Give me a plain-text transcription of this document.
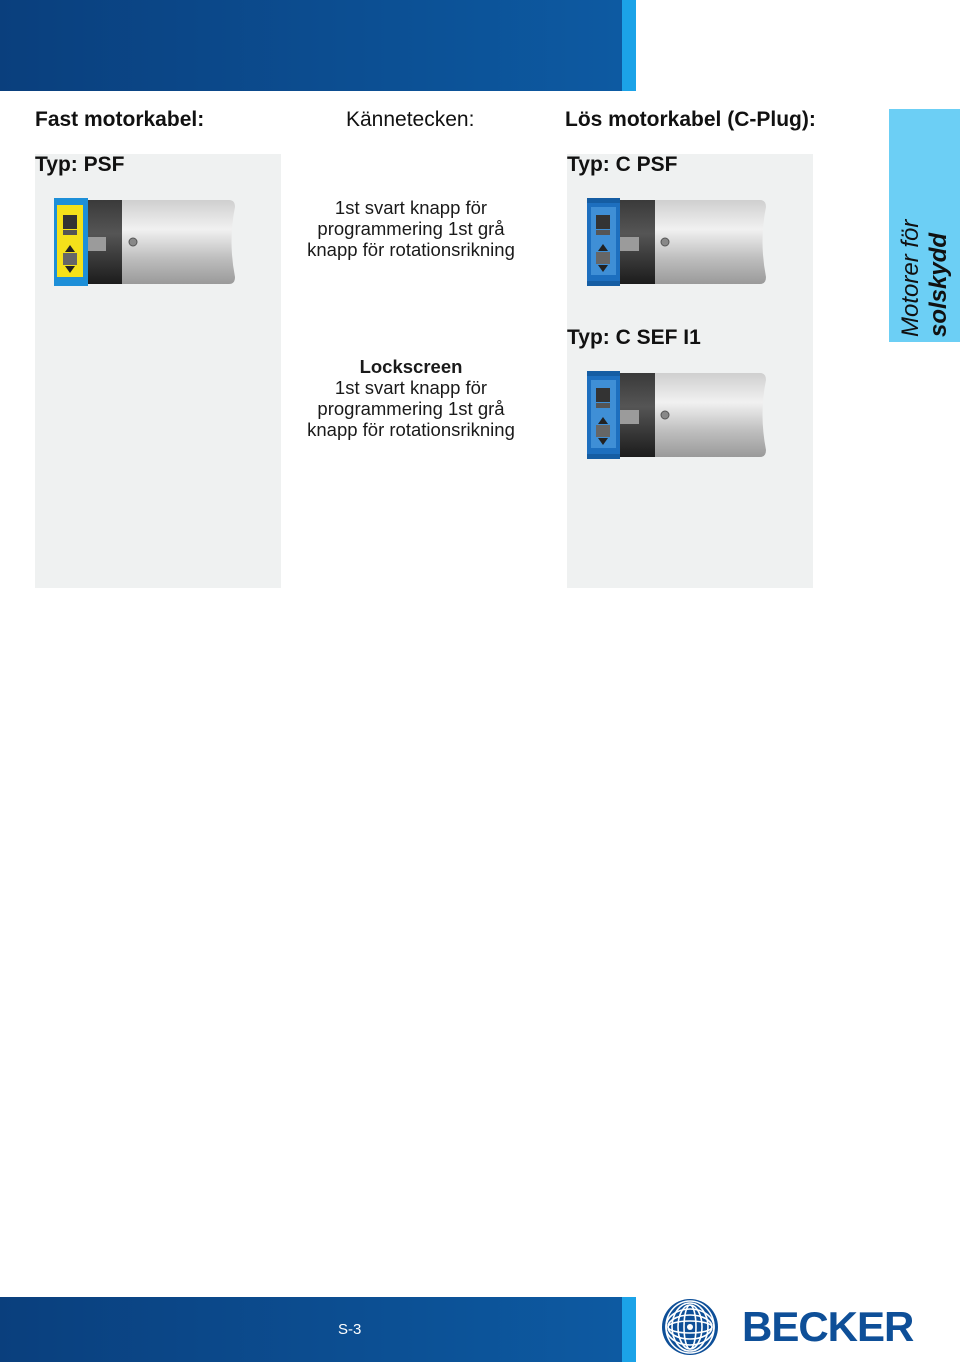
Fast motorkabel:	Kännetecken:	Lös motorkabel (C-Plug):
Typ: PSF	Typ: C PSF
Typ: C SEF I1
1st svart knapp för programmering 1st grå knapp för rotationsrikning
Lockscreen
1st svart knapp för programmering 1st grå knapp för rotationsrikning
Motorer för solskydd
S-3	BECKER
